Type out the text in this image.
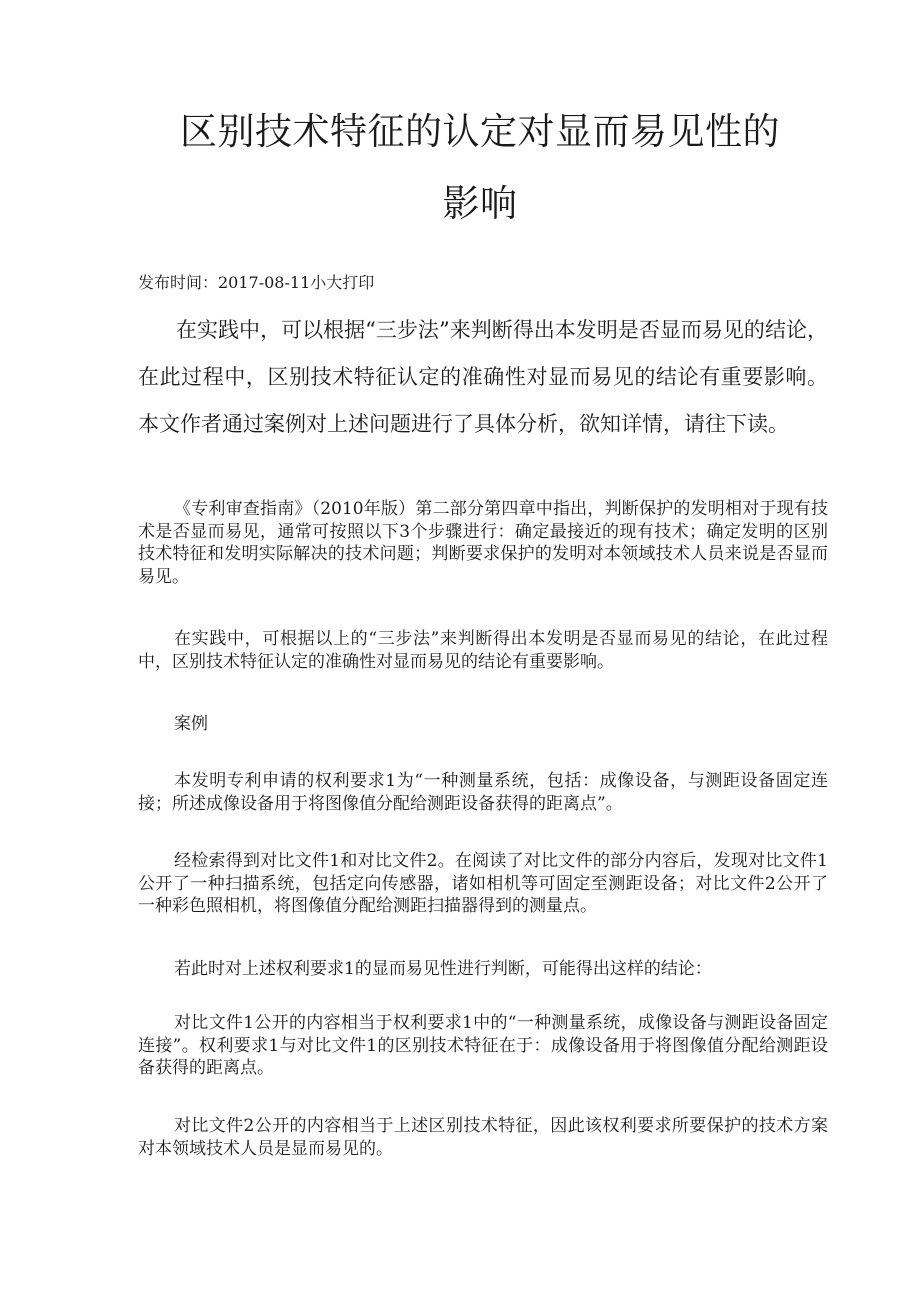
区别技术特征的认定对显而易见性的
影响
发布时间：2017-08-11小大打印

在实践中，可以根据“三步法”来判断得出本发明是否显而易见的结论，在此过程中，区别技术特征认定的准确性对显而易见的结论有重要影响。本文作者通过案例对上述问题进行了具体分析，欲知详情，请往下读。

《专利审查指南》（2010年版）第二部分第四章中指出，判断保护的发明相对于现有技术是否显而易见，通常可按照以下3个步骤进行：确定最接近的现有技术；确定发明的区别技术特征和发明实际解决的技术问题；判断要求保护的发明对本领域技术人员来说是否显而易见。

在实践中，可根据以上的“三步法”来判断得出本发明是否显而易见的结论，在此过程中，区别技术特征认定的准确性对显而易见的结论有重要影响。

案例

本发明专利申请的权利要求1为“一种测量系统，包括：成像设备，与测距设备固定连接；所述成像设备用于将图像值分配给测距设备获得的距离点”。

经检索得到对比文件1和对比文件2。在阅读了对比文件的部分内容后，发现对比文件1公开了一种扫描系统，包括定向传感器，诸如相机等可固定至测距设备；对比文件2公开了一种彩色照相机，将图像值分配给测距扫描器得到的测量点。

若此时对上述权利要求1的显而易见性进行判断，可能得出这样的结论：

对比文件1公开的内容相当于权利要求1中的“一种测量系统，成像设备与测距设备固定连接”。权利要求1与对比文件1的区别技术特征在于：成像设备用于将图像值分配给测距设备获得的距离点。

对比文件2公开的内容相当于上述区别技术特征，因此该权利要求所要保护的技术方案对本领域技术人员是显而易见的。
